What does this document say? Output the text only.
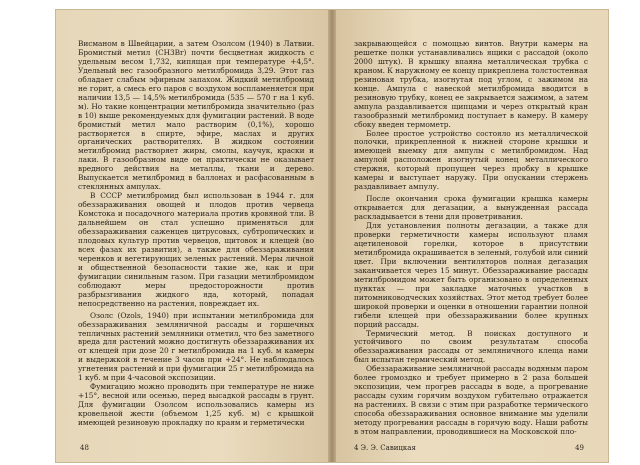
Висманом в Швейцарии, а затем Озолсом (1940) в Латвии. Бромистый метил (CH3Br) почти бесцветная жидкость с удельным весом 1,732, кипящая при температуре +4,5°. Удельный вес газообразного метилбромида 3,29. Этот газ обладает слабым эфирным запахом. Жидкий метилбромид не горит, а смесь его паров с воздухом воспламеняется при наличии 13,5 — 14,5% метилбромида (535 — 570 г на 1 куб. м). Но такие концентрации метилбромида значительно (раз в 10) выше рекомендуемых для фумигации растений. В воде бромистый метил мало растворим (0,1%), хорошо растворяется в спирте, эфире, маслах и других органических растворителях. В жидком состоянии метилбромид растворяет жиры, смолы, каучук, краски и лаки. В газообразном виде он практически не оказывает вредного действия на металлы, ткани и дерево. Выпускается метилбромид в баллонах и расфасованным в стеклянных ампулах.

В СССР метилбромид был использован в 1944 г. для обеззараживания овощей и плодов против червеца Комстока и посадочного материала против кровяной тли. В дальнейшем он стал успешно применяться для обеззараживания саженцев цитрусовых, субтропических и плодовых культур против червецов, щитовок и клещей (во всех фазах их развития), а также для обеззараживания черенков и вегетирующих зеленых растений. Меры личной и общественной безопасности такие же, как и при фумигации синильным газом. При газации метилбромидом соблюдают меры предосторожности против разбрызгивания жидкого яда, который, попадая непосредственно на растения, повреждает их.

Озолс (Ozols, 1940) при испытании метилбромида для обеззараживания земляничной рассады и горшечных тепличных растений земляники отметил, что без заметного вреда для растений можно достигнуть обеззараживания их от клещей при дозе 20 г метилбромида на 1 куб. м камеры и выдержкой в течение 3 часов при +24°. Не наблюдалось угнетения растений и при фумигации 25 г метилбромида на 1 куб. м при 4-часовой экспозиции.

Фумигацию можно проводить при температуре не ниже +15°, весной или осенью, перед высадкой рассады в грунт. Для фумигации Озолсом использовались камеры из кровельной жести (объемом 1,25 куб. м) с крышкой имеющей резиновую прокладку по краям и герметически

48

закрывающейся с помощью винтов. Внутри камеры на решетке полки устанавливались ящики с рассадой (около 2000 штук). В крышку впаяна металлическая трубка с краном. К наружному ее концу прикреплена толстостенная резиновая трубка, изогнутая под углом, с зажимом на конце. Ампула с навеской метилбромида вводится в резиновую трубку, конец ее закрывается зажимом, а затем ампула раздавливается щипцами и через открытый кран газообразный метилбромид поступает в камеру. В камеру сбоку введен термометр.

Более простое устройство состояло из металлической полочки, прикрепленной к нижней стороне крышки и имеющей выемку для ампулы с метилбромидом. Над ампулой расположен изогнутый конец металлического стержня, который пропущен через пробку в крышке камеры и выступает наружу. При опускании стержень раздавливает ампулу.

После окончания срока фумигации крышка камеры открывается для дегазации, а вынужденная рассада раскладывается в тени для проветривания.

Для установления полноты дегазации, а также для проверки герметичности камеры используют пламя ацетиленовой горелки, которое в присутствии метилбромида окрашивается в зеленый, голубой или синий цвет. При включении вентиляторов полная дегазация заканчивается через 15 минут. Обеззараживание рассады метилбромидом может быть организовано в определенных пунктах — при закладке маточных участков в питомниководческих хозяйствах. Этот метод требует более широкой проверки и оценки в отношении гарантии полной гибели клещей при обеззараживании более крупных порций рассады.

Термический метод. В поисках доступного и устойчивого по своим результатам способа обеззараживания рассады от земляничного клеща нами был испытан термический метод.

Обеззараживание земляничной рассады водяным паром более громоздко и требует примерно в 2 раза большей экспозиции, чем прогрев рассады в воде, а прогревание рассады сухим горячим воздухом губительно отражается на растениях. В связи с этим при разработке термического способа обеззараживания основное внимание мы уделили методу прогревания рассады в горячую воду. Наши работы в этом направлении, проводившиеся на Московской пло-

4 Э. Э. Савицкая	49
